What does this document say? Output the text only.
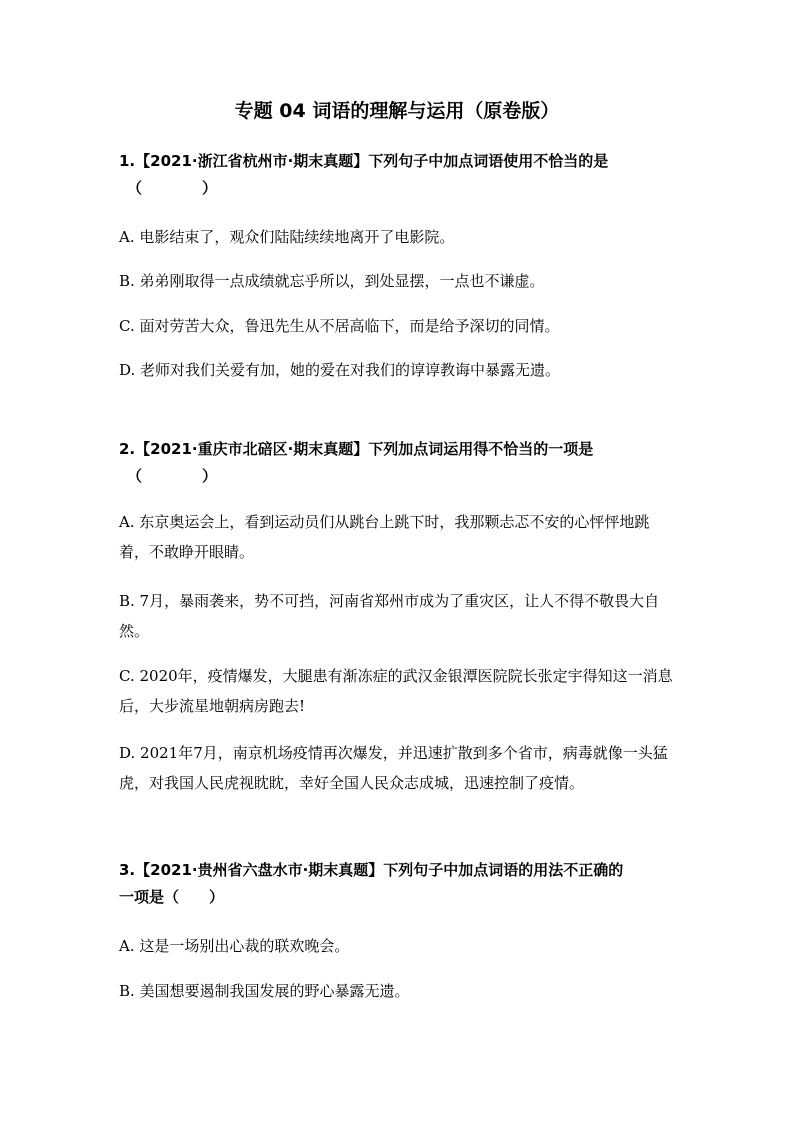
专题 04 词语的理解与运用（原卷版）
1.【2021·浙江省杭州市·期末真题】下列句子中加点词语使用不恰当的是
（　　　　）
A. 电影结束了，观众们陆陆续续地离开了电影院。
B. 弟弟刚取得一点成绩就忘乎所以，到处显摆，一点也不谦虚。
C. 面对劳苦大众，鲁迅先生从不居高临下，而是给予深切的同情。
D. 老师对我们关爱有加，她的爱在对我们的谆谆教诲中暴露无遗。
2.【2021·重庆市北碚区·期末真题】下列加点词运用得不恰当的一项是
（　　　　）
A. 东京奥运会上，看到运动员们从跳台上跳下时，我那颗忐忑不安的心怦怦地跳着，不敢睁开眼睛。
B. 7月，暴雨袭来，势不可挡，河南省郑州市成为了重灾区，让人不得不敬畏大自然。
C. 2020年，疫情爆发，大腿患有渐冻症的武汉金银潭医院院长张定宇得知这一消息后，大步流星地朝病房跑去!
D. 2021年7月，南京机场疫情再次爆发，并迅速扩散到多个省市，病毒就像一头猛虎，对我国人民虎视眈眈，幸好全国人民众志成城，迅速控制了疫情。
3.【2021·贵州省六盘水市·期末真题】下列句子中加点词语的用法不正确的
一项是（　　）
A. 这是一场别出心裁的联欢晚会。
B. 美国想要遏制我国发展的野心暴露无遗。
